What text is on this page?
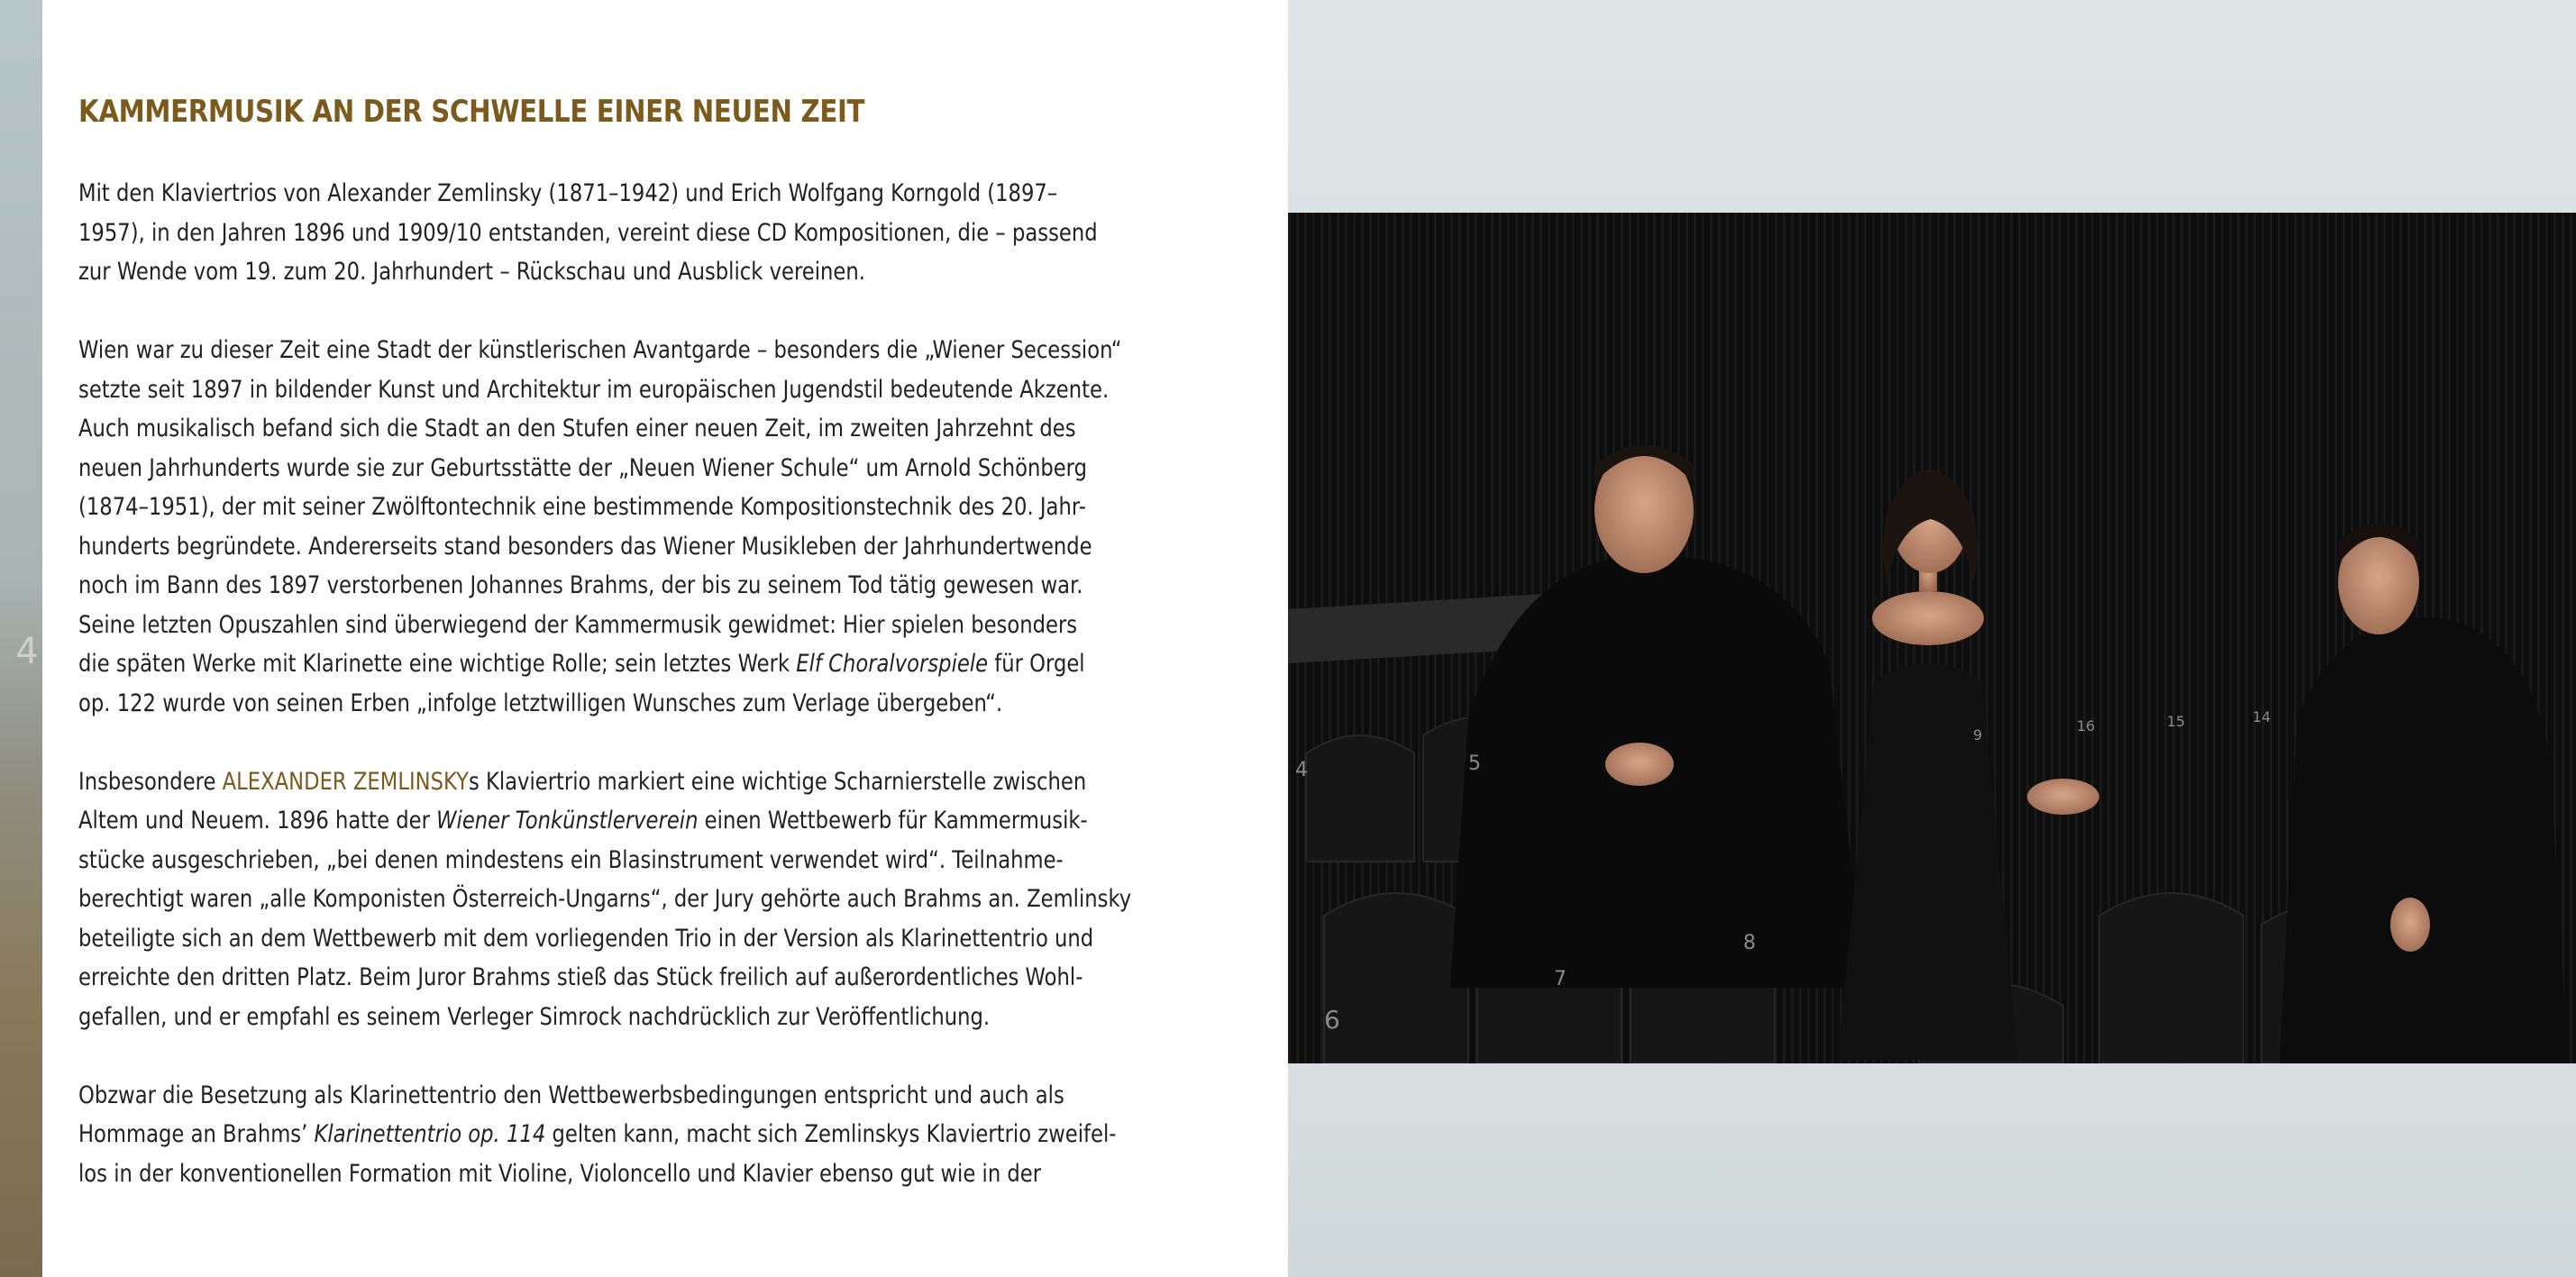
4
KAMMERMUSIK AN DER SCHWELLE EINER NEUEN ZEIT

Mit den Klaviertrios von Alexander Zemlinsky (1871–1942) und Erich Wolfgang Korngold (1897–
1957), in den Jahren 1896 und 1909/10 entstanden, vereint diese CD Kompositionen, die – passend
zur Wende vom 19. zum 20. Jahrhundert – Rückschau und Ausblick vereinen.

Wien war zu dieser Zeit eine Stadt der künstlerischen Avantgarde – besonders die „Wiener Secession“
setzte seit 1897 in bildender Kunst und Architektur im europäischen Jugendstil bedeutende Akzente.
Auch musikalisch befand sich die Stadt an den Stufen einer neuen Zeit, im zweiten Jahrzehnt des
neuen Jahrhunderts wurde sie zur Geburtsstätte der „Neuen Wiener Schule“ um Arnold Schönberg
(1874–1951), der mit seiner Zwölftontechnik eine bestimmende Kompositionstechnik des 20. Jahr-
hunderts begründete. Andererseits stand besonders das Wiener Musikleben der Jahrhundertwende
noch im Bann des 1897 verstorbenen Johannes Brahms, der bis zu seinem Tod tätig gewesen war.
Seine letzten Opuszahlen sind überwiegend der Kammermusik gewidmet: Hier spielen besonders
die späten Werke mit Klarinette eine wichtige Rolle; sein letztes Werk Elf Choralvorspiele für Orgel
op. 122 wurde von seinen Erben „infolge letztwilligen Wunsches zum Verlage übergeben“.

Insbesondere ALEXANDER ZEMLINSKYs Klaviertrio markiert eine wichtige Scharnierstelle zwischen
Altem und Neuem. 1896 hatte der Wiener Tonkünstlerverein einen Wettbewerb für Kammermusik-
stücke ausgeschrieben, „bei denen mindestens ein Blasinstrument verwendet wird“. Teilnahme-
berechtigt waren „alle Komponisten Österreich-Ungarns“, der Jury gehörte auch Brahms an. Zemlinsky
beteiligte sich an dem Wettbewerb mit dem vorliegenden Trio in der Version als Klarinettentrio und
erreichte den dritten Platz. Beim Juror Brahms stieß das Stück freilich auf außerordentliches Wohl-
gefallen, und er empfahl es seinem Verleger Simrock nachdrücklich zur Veröffentlichung.

Obzwar die Besetzung als Klarinettentrio den Wettbewerbsbedingungen entspricht und auch als
Hommage an Brahms’ Klarinettentrio op. 114 gelten kann, macht sich Zemlinskys Klaviertrio zweifel-
los in der konventionellen Formation mit Violine, Violoncello und Klavier ebenso gut wie in der

4	5
6
7
8
9
16	15	14
